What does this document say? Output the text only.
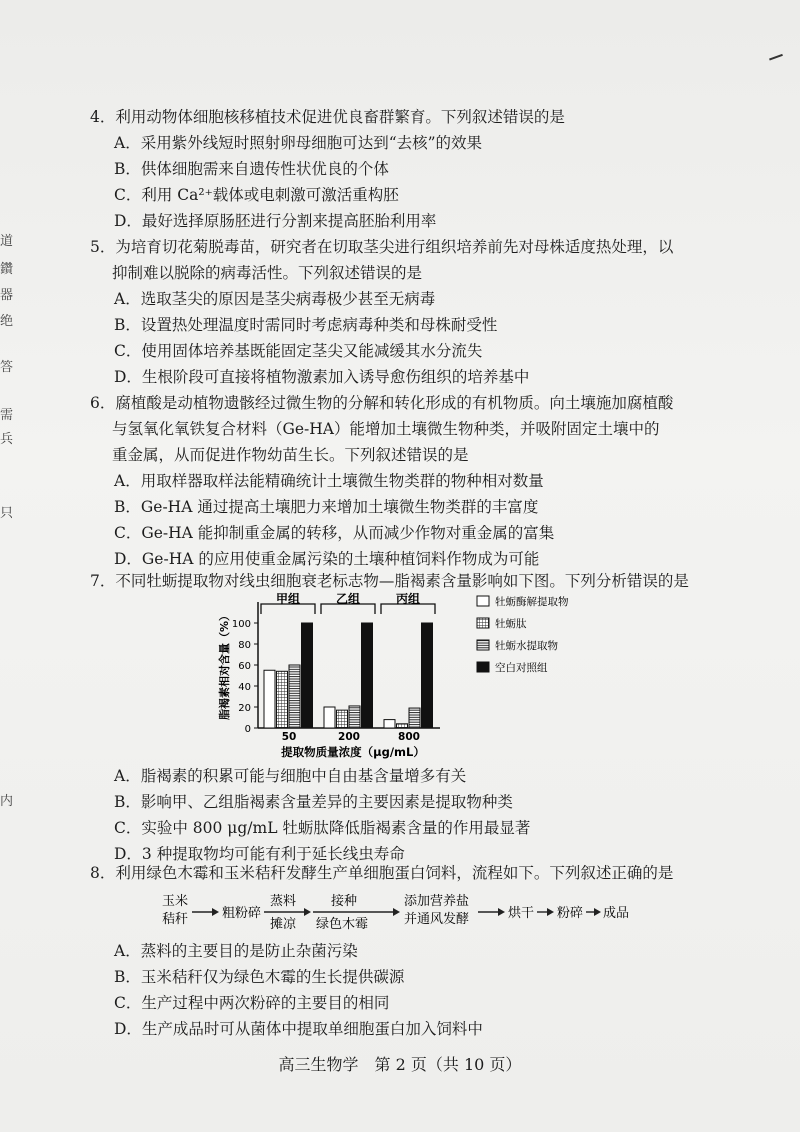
道
鑽
器
绝
答
需
兵
只
内
4．利用动物体细胞核移植技术促进优良畜群繁育。下列叙述错误的是
A．采用紫外线短时照射卵母细胞可达到“去核”的效果
B．供体细胞需来自遗传性状优良的个体
C．利用 Ca²⁺载体或电刺激可激活重构胚
D．最好选择原肠胚进行分割来提高胚胎利用率
5．为培育切花菊脱毒苗，研究者在切取茎尖进行组织培养前先对母株适度热处理，以
抑制难以脱除的病毒活性。下列叙述错误的是
A．选取茎尖的原因是茎尖病毒极少甚至无病毒
B．设置热处理温度时需同时考虑病毒种类和母株耐受性
C．使用固体培养基既能固定茎尖又能减缓其水分流失
D．生根阶段可直接将植物激素加入诱导愈伤组织的培养基中
6．腐植酸是动植物遗骸经过微生物的分解和转化形成的有机物质。向土壤施加腐植酸
与氢氧化氧铁复合材料（Ge-HA）能增加土壤微生物种类，并吸附固定土壤中的
重金属，从而促进作物幼苗生长。下列叙述错误的是
A．用取样器取样法能精确统计土壤微生物类群的物种相对数量
B．Ge-HA 通过提高土壤肥力来增加土壤微生物类群的丰富度
C．Ge-HA 能抑制重金属的转移，从而减少作物对重金属的富集
D．Ge-HA 的应用使重金属污染的土壤种植饲料作物成为可能
7．不同牡蛎提取物对线虫细胞衰老标志物—脂褐素含量影响如下图。下列分析错误的是
0
20
40
60
80
100
脂褐素相对含量（%）
50
甲组
200
乙组
800
丙组
提取物质量浓度（μg/mL）
牡蛎酶解提取物
牡蛎肽
牡蛎水提取物
空白对照组
A．脂褐素的积累可能与细胞中自由基含量增多有关
B．影响甲、乙组脂褐素含量差异的主要因素是提取物种类
C．实验中 800 μg/mL 牡蛎肽降低脂褐素含量的作用最显著
D．3 种提取物均可能有利于延长线虫寿命
8．利用绿色木霉和玉米秸秆发酵生产单细胞蛋白饲料，流程如下。下列叙述正确的是
玉米
秸秆	粗粉碎
蒸料
摊凉
接种
绿色木霉
添加营养盐
并通风发酵	烘干 粉碎 成品
A．蒸料的主要目的是防止杂菌污染
B．玉米秸秆仅为绿色木霉的生长提供碳源
C．生产过程中两次粉碎的主要目的相同
D．生产成品时可从菌体中提取单细胞蛋白加入饲料中
高三生物学　第 2 页（共 10 页）
